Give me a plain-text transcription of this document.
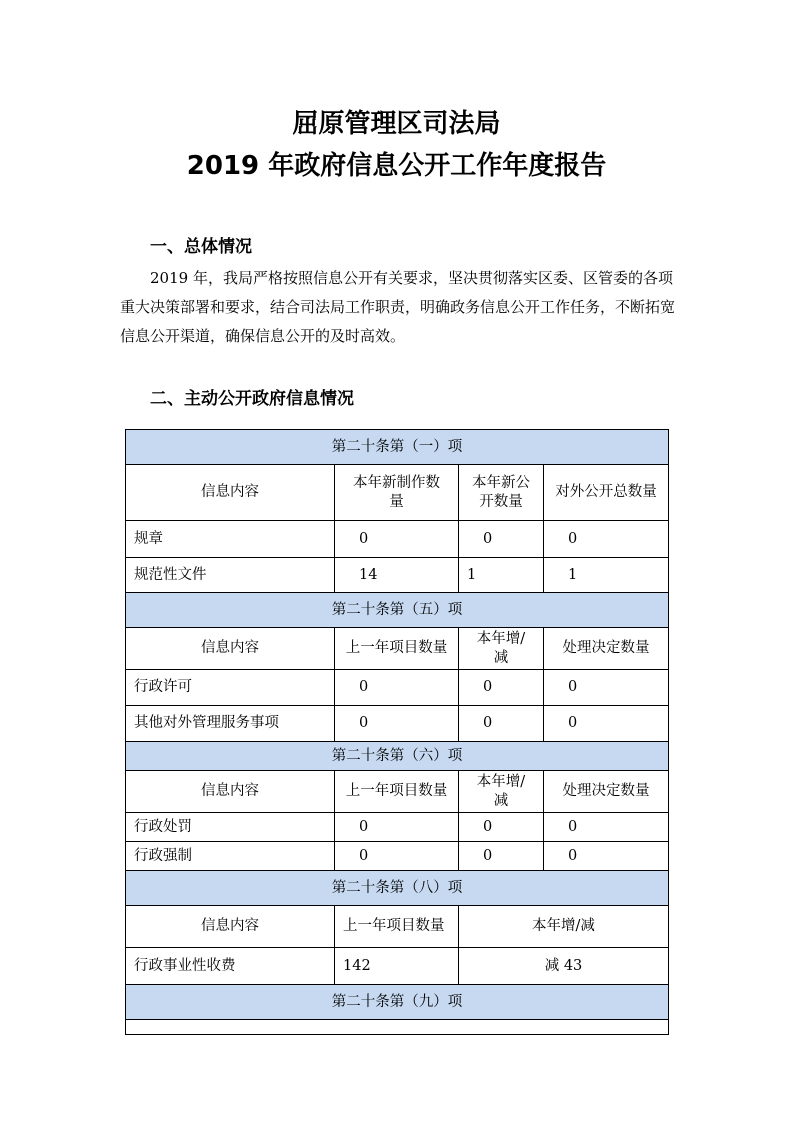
屈原管理区司法局
2019 年政府信息公开工作年度报告
一、总体情况
2019 年，我局严格按照信息公开有关要求，坚决贯彻落实区委、区管委的各项重大决策部署和要求，结合司法局工作职责，明确政务信息公开工作任务，不断拓宽信息公开渠道，确保信息公开的及时高效。
二、主动公开政府信息情况
第二十条第（一）项			
信息内容	本年新制作数量	本年新公开数量	对外公开总数量
规章	0	0	0
规范性文件	14	1	1
第二十条第（五）项			
信息内容	上一年项目数量	本年增/减	处理决定数量
行政许可	0	0	0
其他对外管理服务事项	0	0	0
第二十条第（六）项			
信息内容	上一年项目数量	本年增/减	处理决定数量
行政处罚	0	0	0
行政强制	0	0	0
第二十条第（八）项			
信息内容	上一年项目数量	本年增/减	
行政事业性收费	142	减 43	
第二十条第（九）项			
